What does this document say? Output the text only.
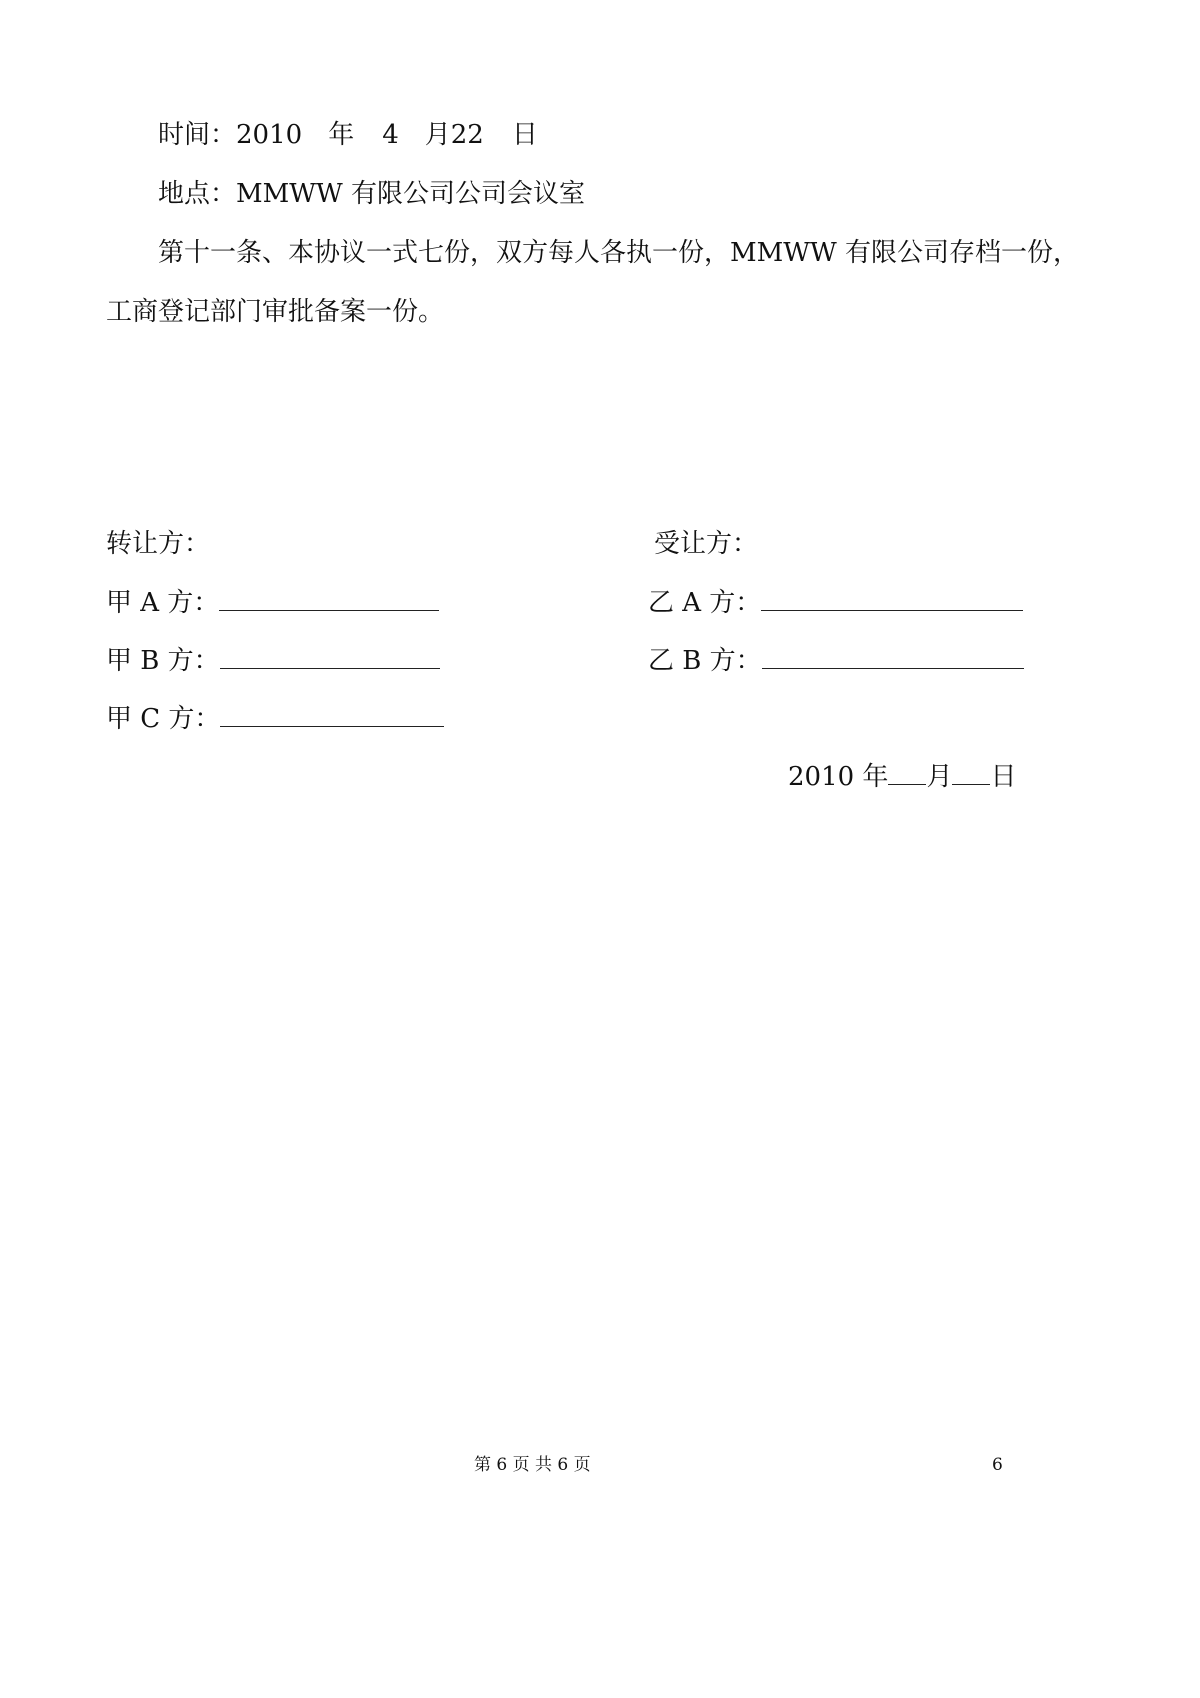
时间：2010 年 4 月22 日
地点：MMWW 有限公司公司会议室
第十一条、本协议一式七份，双方每人各执一份，MMWW 有限公司存档一份，
工商登记部门审批备案一份。
转让方：	受让方：
甲 A 方：
甲 B 方：
甲 C 方：
乙 A 方：
乙 B 方：
2010 年 月 日
第 6 页 共 6 页	6
